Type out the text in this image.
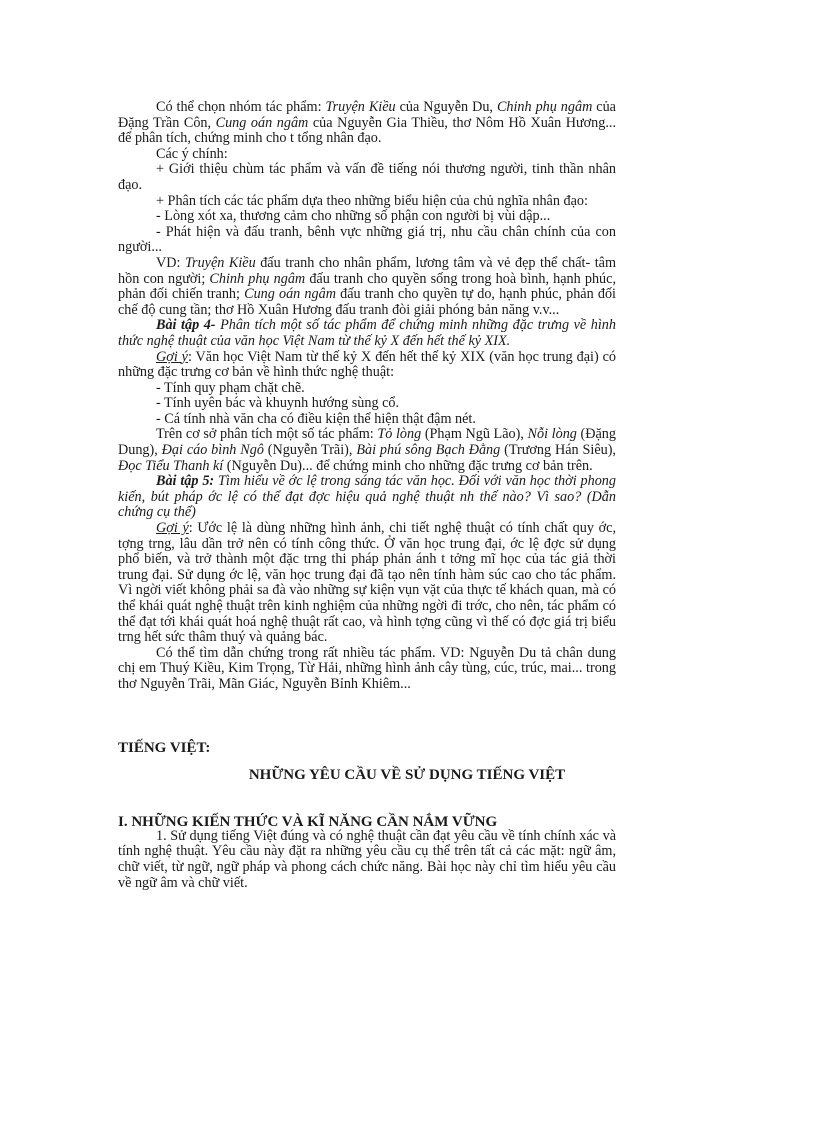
Có thể chọn nhóm tác phẩm: Truyện Kiều của Nguyễn Du, Chinh phụ ngâm của Đặng Trần Côn, Cung oán ngâm của Nguyễn Gia Thiều, thơ Nôm Hồ Xuân Hương... để phân tích, chứng minh cho t tổng nhân đạo.

Các ý chính:

+ Giới thiệu chùm tác phẩm và vấn đề tiếng nói thương người, tinh thần nhân đạo.

+ Phân tích các tác phẩm dựa theo những biểu hiện của chủ nghĩa nhân đạo:

- Lòng xót xa, thương cảm cho những số phận con người bị vùi dập...

- Phát hiện và đấu tranh, bênh vực những giá trị, nhu cầu chân chính của con người...

VD: Truyện Kiều đấu tranh cho nhân phẩm, lương tâm và vẻ đẹp thể chất- tâm hồn con người; Chinh phụ ngâm đấu tranh cho quyền sống trong hoà bình, hạnh phúc, phản đối chiến tranh; Cung oán ngâm đấu tranh cho quyền tự do, hạnh phúc, phản đối chế độ cung tần; thơ Hồ Xuân Hương đấu tranh đòi giải phóng bản năng v.v...

Bài tập 4- Phân tích một số tác phẩm để chứng minh những đặc trưng về hình thức nghệ thuật của văn học Việt Nam từ thế kỷ X đến hết thế kỷ XIX.

Gợi ý: Văn học Việt Nam từ thế kỷ X đến hết thế kỷ XIX (văn học trung đại) có những đặc trưng cơ bản về hình thức nghệ thuật:

- Tính quy phạm chặt chẽ.

- Tính uyên bác và khuynh hướng sùng cổ.

- Cá tính nhà văn cha có điều kiện thể hiện thật đậm nét.

Trên cơ sở phân tích một số tác phẩm: Tỏ lòng (Phạm Ngũ Lão), Nỗi lòng (Đặng Dung), Đại cáo bình Ngô (Nguyễn Trãi), Bài phú sông Bạch Đằng (Trương Hán Siêu), Đọc Tiểu Thanh kí (Nguyễn Du)... để chứng minh cho những đặc trưng cơ bản trên.

Bài tập 5: Tìm hiểu về ớc lệ trong sáng tác văn học. Đối với văn học thời phong kiến, bút pháp ớc lệ có thể đạt đợc hiệu quả nghệ thuật nh thế nào? Vì sao? (Dẫn chứng cụ thể)

Gợi ý: Ước lệ là dùng những hình ảnh, chi tiết nghệ thuật có tính chất quy ớc, tợng trng, lâu dần trở nên có tính công thức. Ở văn học trung đại, ớc lệ đợc sử dụng phổ biến, và trở thành một đặc trng thi pháp phản ánh t tởng mĩ học của tác giả thời trung đại. Sử dụng ớc lệ, văn học trung đại đã tạo nên tính hàm súc cao cho tác phẩm. Vì ngời viết không phải sa đà vào những sự kiện vụn vặt của thực tế khách quan, mà có thể khái quát nghệ thuật trên kinh nghiệm của những ngời đi trớc, cho nên, tác phẩm có thể đạt tới khái quát hoá nghệ thuật rất cao, và hình tợng cũng vì thế có đợc giá trị biểu trng hết sức thâm thuý và quảng bác.

Có thể tìm dẫn chứng trong rất nhiều tác phẩm. VD: Nguyễn Du tả chân dung chị em Thuý Kiều, Kim Trọng, Từ Hải, những hình ảnh cây tùng, cúc, trúc, mai... trong thơ Nguyễn Trãi, Mãn Giác, Nguyễn Bỉnh Khiêm...

TIẾNG VIỆT:

NHỮNG YÊU CẦU VỀ SỬ DỤNG TIẾNG VIỆT

I. NHỮNG KIẾN THỨC VÀ KĨ NĂNG CẦN NẮM VỮNG

1. Sử dụng tiếng Việt đúng và có nghệ thuật cần đạt yêu cầu về tính chính xác và tính nghệ thuật. Yêu cầu này đặt ra những yêu cầu cụ thể trên tất cả các mặt: ngữ âm, chữ viết, từ ngữ, ngữ pháp và phong cách chức năng. Bài học này chỉ tìm hiểu yêu cầu về ngữ âm và chữ viết.
